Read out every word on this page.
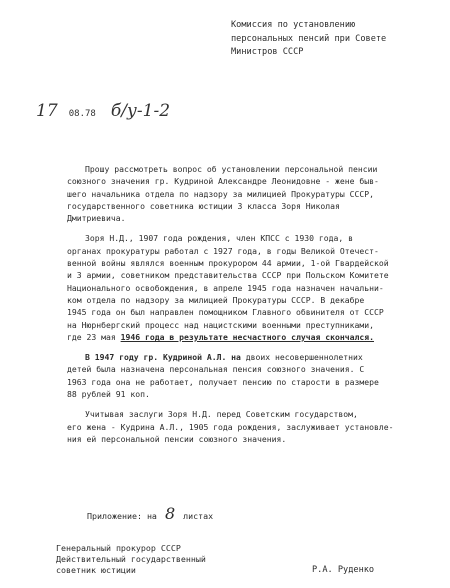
Комиссия по установлению
персональных пенсий при Совете
Министров СССР
17 08.78 б/у-1-2
Прошу рассмотреть вопрос об установлении персональной пенсии
союзного значения гр. Кудриной Александре Леонидовне - жене быв-
шего начальника отдела по надзору за милицией Прокуратуры СССР,
государственного советника юстиции 3 класса Зоря Николая
Дмитриевича.
Зоря Н.Д., 1907 года рождения, член КПСС с 1930 года, в
органах прокуратуры работал с 1927 года, в годы Великой Отечест-
венной войны являлся военным прокурором 44 армии, 1-ой Гвардейской
и 3 армии, советником представительства СССР при Польском Комитете
Национального освобождения, в апреле 1945 года назначен начальни-
ком отдела по надзору за милицией Прокуратуры СССР. В декабре
1945 года он был направлен помощником Главного обвинителя от СССР
на Нюрнбергский процесс над нацистскими военными преступниками,
где 23 мая 1946 года в результате несчастного случая скончался.
В 1947 году гр. Кудриной А.Л. на двоих несовершеннолетних
детей была назначена персональная пенсия союзного значения. С
1963 года она не работает, получает пенсию по старости в размере
88 рублей 91 коп.
Учитывая заслуги Зоря Н.Д. перед Советским государством,
его жена - Кудрина А.Л., 1905 года рождения, заслуживает установле-
ния ей персональной пенсии союзного значения.
Приложение: на 8 листах
Генеральный прокурор СССР
Действительный государственный
советник юстиции	Р.А. Руденко
